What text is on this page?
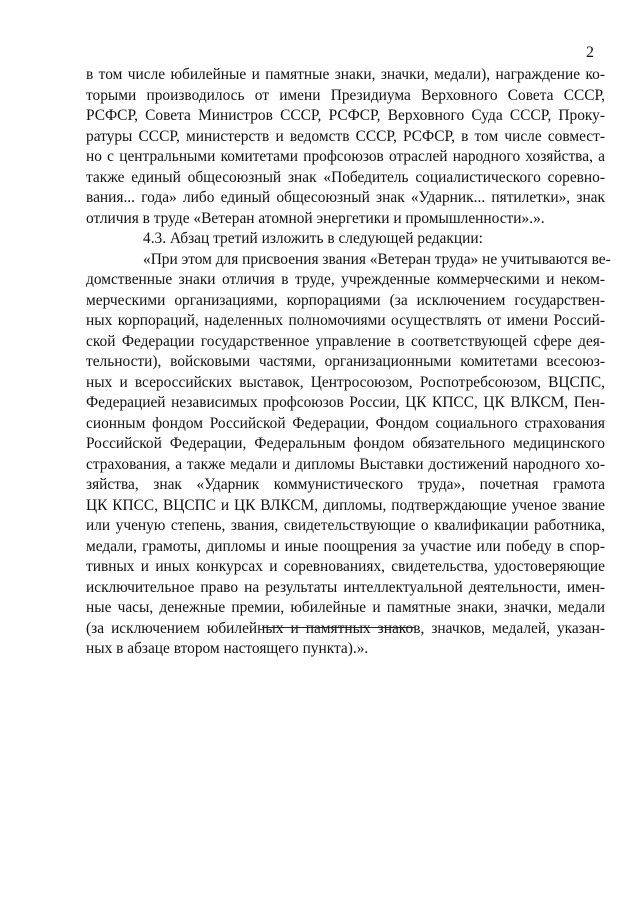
2
в том числе юбилейные и памятные знаки, значки, медали), награждение ко-
торыми производилось от имени Президиума Верховного Совета СССР,
РСФСР, Совета Министров СССР, РСФСР, Верховного Суда СССР, Проку-
ратуры СССР, министерств и ведомств СССР, РСФСР, в том числе совмест-
но с центральными комитетами профсоюзов отраслей народного хозяйства, а
также единый общесоюзный знак «Победитель социалистического соревно-
вания... года» либо единый общесоюзный знак «Ударник... пятилетки», знак
отличия в труде «Ветеран атомной энергетики и промышленности».».
4.3. Абзац третий изложить в следующей редакции:
«При этом для присвоения звания «Ветеран труда» не учитываются ве-
домственные знаки отличия в труде, учрежденные коммерческими и неком-
мерческими организациями, корпорациями (за исключением государствен-
ных корпораций, наделенных полномочиями осуществлять от имени Россий-
ской Федерации государственное управление в соответствующей сфере дея-
тельности), войсковыми частями, организационными комитетами всесоюз-
ных и всероссийских выставок, Центросоюзом, Роспотребсоюзом, ВЦСПС,
Федерацией независимых профсоюзов России, ЦК КПСС, ЦК ВЛКСМ, Пен-
сионным фондом Российской Федерации, Фондом социального страхования
Российской Федерации, Федеральным фондом обязательного медицинского
страхования, а также медали и дипломы Выставки достижений народного хо-
зяйства, знак «Ударник коммунистического труда», почетная грамота
ЦК КПСС, ВЦСПС и ЦК ВЛКСМ, дипломы, подтверждающие ученое звание
или ученую степень, звания, свидетельствующие о квалификации работника,
медали, грамоты, дипломы и иные поощрения за участие или победу в спор-
тивных и иных конкурсах и соревнованиях, свидетельства, удостоверяющие
исключительное право на результаты интеллектуальной деятельности, имен-
ные часы, денежные премии, юбилейные и памятные знаки, значки, медали
(за исключением юбилейных и памятных знаков, значков, медалей, указан-
ных в абзаце втором настоящего пункта).».
